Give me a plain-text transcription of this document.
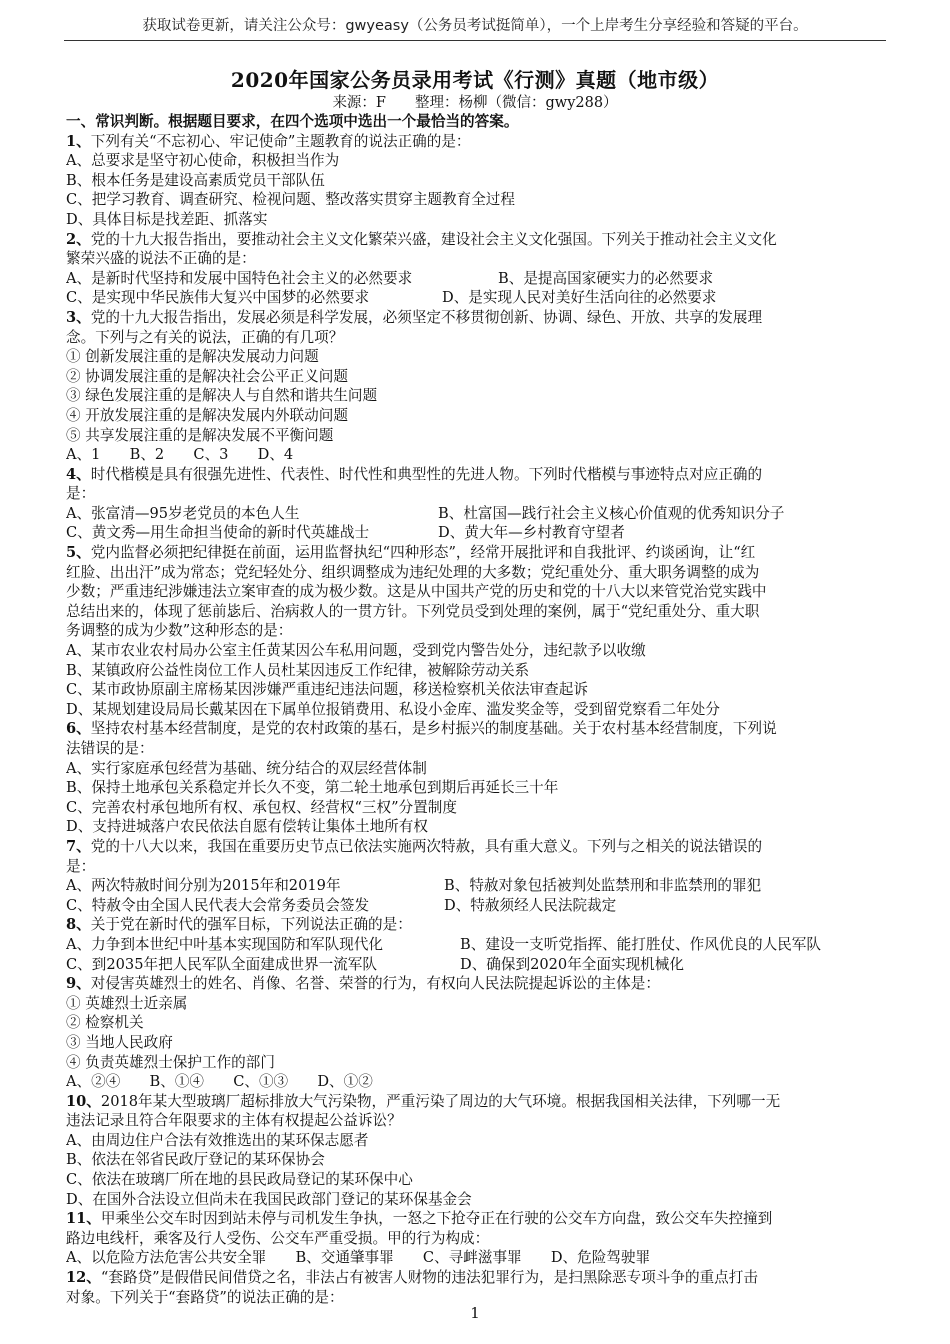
获取试卷更新，请关注公众号：gwyeasy（公务员考试挺简单），一个上岸考生分享经验和答疑的平台。
2020年国家公务员录用考试《行测》真题（地市级）
来源：F　　整理：杨柳（微信：gwy288）
一、常识判断。根据题目要求，在四个选项中选出一个最恰当的答案。
1、下列有关“不忘初心、牢记使命”主题教育的说法正确的是：
A、总要求是坚守初心使命，积极担当作为
B、根本任务是建设高素质党员干部队伍
C、把学习教育、调查研究、检视问题、整改落实贯穿主题教育全过程
D、具体目标是找差距、抓落实
2、党的十九大报告指出，要推动社会主义文化繁荣兴盛，建设社会主义文化强国。下列关于推动社会主义文化
繁荣兴盛的说法不正确的是：
A、是新时代坚持和发展中国特色社会主义的必然要求	B、是提高国家硬实力的必然要求
C、是实现中华民族伟大复兴中国梦的必然要求	D、是实现人民对美好生活向往的必然要求
3、党的十九大报告指出，发展必须是科学发展，必须坚定不移贯彻创新、协调、绿色、开放、共享的发展理
念。下列与之有关的说法，正确的有几项？
① 创新发展注重的是解决发展动力问题
② 协调发展注重的是解决社会公平正义问题
③ 绿色发展注重的是解决人与自然和谐共生问题
④ 开放发展注重的是解决发展内外联动问题
⑤ 共享发展注重的是解决发展不平衡问题
A、1　　B、2　　C、3　　D、4
4、时代楷模是具有很强先进性、代表性、时代性和典型性的先进人物。下列时代楷模与事迹特点对应正确的
是：
A、张富清—95岁老党员的本色人生	B、杜富国—践行社会主义核心价值观的优秀知识分子
C、黄文秀—用生命担当使命的新时代英雄战士	D、黄大年—乡村教育守望者
5、党内监督必须把纪律挺在前面，运用监督执纪“四种形态”，经常开展批评和自我批评、约谈函询，让“红
红脸、出出汗”成为常态；党纪轻处分、组织调整成为违纪处理的大多数；党纪重处分、重大职务调整的成为
少数；严重违纪涉嫌违法立案审查的成为极少数。这是从中国共产党的历史和党的十八大以来管党治党实践中
总结出来的，体现了惩前毖后、治病救人的一贯方针。下列党员受到处理的案例，属于“党纪重处分、重大职
务调整的成为少数”这种形态的是：
A、某市农业农村局办公室主任黄某因公车私用问题，受到党内警告处分，违纪款予以收缴
B、某镇政府公益性岗位工作人员杜某因违反工作纪律，被解除劳动关系
C、某市政协原副主席杨某因涉嫌严重违纪违法问题，移送检察机关依法审查起诉
D、某规划建设局局长戴某因在下属单位报销费用、私设小金库、滥发奖金等，受到留党察看二年处分
6、坚持农村基本经营制度，是党的农村政策的基石，是乡村振兴的制度基础。关于农村基本经营制度，下列说
法错误的是：
A、实行家庭承包经营为基础、统分结合的双层经营体制
B、保持土地承包关系稳定并长久不变，第二轮土地承包到期后再延长三十年
C、完善农村承包地所有权、承包权、经营权“三权”分置制度
D、支持进城落户农民依法自愿有偿转让集体土地所有权
7、党的十八大以来，我国在重要历史节点已依法实施两次特赦，具有重大意义。下列与之相关的说法错误的
是：
A、两次特赦时间分别为2015年和2019年	B、特赦对象包括被判处监禁刑和非监禁刑的罪犯
C、特赦令由全国人民代表大会常务委员会签发	D、特赦须经人民法院裁定
8、关于党在新时代的强军目标，下列说法正确的是：
A、力争到本世纪中叶基本实现国防和军队现代化	B、建设一支听党指挥、能打胜仗、作风优良的人民军队
C、到2035年把人民军队全面建成世界一流军队	D、确保到2020年全面实现机械化
9、对侵害英雄烈士的姓名、肖像、名誉、荣誉的行为，有权向人民法院提起诉讼的主体是：
① 英雄烈士近亲属
② 检察机关
③ 当地人民政府
④ 负责英雄烈士保护工作的部门
A、②④　　B、①④　　C、①③　　D、①②
10、2018年某大型玻璃厂超标排放大气污染物，严重污染了周边的大气环境。根据我国相关法律，下列哪一无
违法记录且符合年限要求的主体有权提起公益诉讼？
A、由周边住户合法有效推选出的某环保志愿者
B、依法在邻省民政厅登记的某环保协会
C、依法在玻璃厂所在地的县民政局登记的某环保中心
D、在国外合法设立但尚未在我国民政部门登记的某环保基金会
11、甲乘坐公交车时因到站未停与司机发生争执，一怒之下抢夺正在行驶的公交车方向盘，致公交车失控撞到
路边电线杆，乘客及行人受伤、公交车严重受损。甲的行为构成：
A、以危险方法危害公共安全罪　　B、交通肇事罪　　C、寻衅滋事罪　　D、危险驾驶罪
12、“套路贷”是假借民间借贷之名，非法占有被害人财物的违法犯罪行为，是扫黑除恶专项斗争的重点打击
对象。下列关于“套路贷”的说法正确的是：
1
